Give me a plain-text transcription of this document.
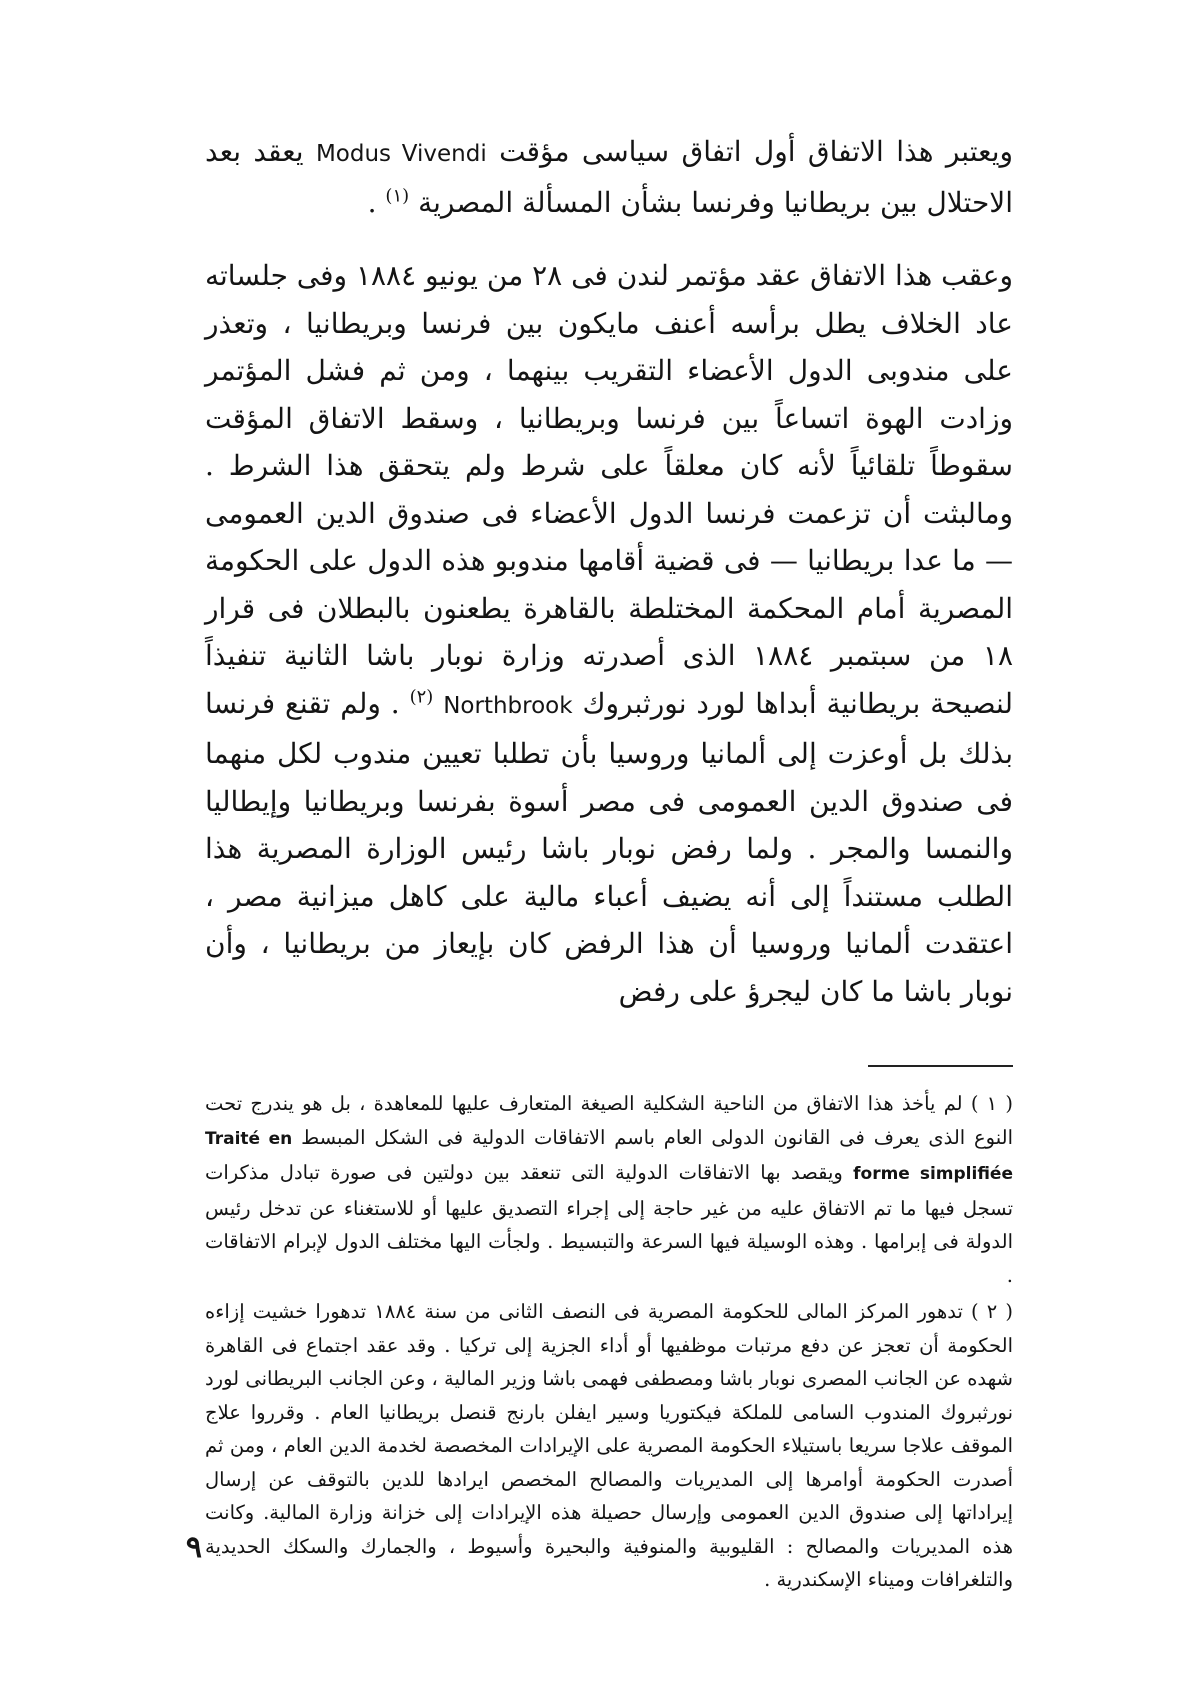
ويعتبر هذا الاتفاق أول اتفاق سياسى مؤقت Modus Vivendi يعقد بعد الاحتلال بين بريطانيا وفرنسا بشأن المسألة المصرية $^{(١)}$ .

وعقب هذا الاتفاق عقد مؤتمر لندن فى ٢٨ من يونيو ١٨٨٤ وفى جلساته عاد الخلاف يطل برأسه أعنف مايكون بين فرنسا وبريطانيا ، وتعذر على مندوبى الدول الأعضاء التقريب بينهما ، ومن ثم فشل المؤتمر وزادت الهوة اتساعاً بين فرنسا وبريطانيا ، وسقط الاتفاق المؤقت سقوطاً تلقائياً لأنه كان معلقاً على شرط ولم يتحقق هذا الشرط . ومالبثت أن تزعمت فرنسا الدول الأعضاء فى صندوق الدين العمومى — ما عدا بريطانيا — فى قضية أقامها مندوبو هذه الدول على الحكومة المصرية أمام المحكمة المختلطة بالقاهرة يطعنون بالبطلان فى قرار ١٨ من سبتمبر ١٨٨٤ الذى أصدرته وزارة نوبار باشا الثانية تنفيذاً لنصيحة بريطانية أبداها لورد نورثبروك Northbrook $^{(٢)}$ . ولم تقنع فرنسا بذلك بل أوعزت إلى ألمانيا وروسيا بأن تطلبا تعيين مندوب لكل منهما فى صندوق الدين العمومى فى مصر أسوة بفرنسا وبريطانيا وإيطاليا والنمسا والمجر . ولما رفض نوبار باشا رئيس الوزارة المصرية هذا الطلب مستنداً إلى أنه يضيف أعباء مالية على كاهل ميزانية مصر ، اعتقدت ألمانيا وروسيا أن هذا الرفض كان بإيعاز من بريطانيا ، وأن نوبار باشا ما كان ليجرؤ على رفض

( ١ ) لم يأخذ هذا الاتفاق من الناحية الشكلية الصيغة المتعارف عليها للمعاهدة ، بل هو يندرج تحت النوع الذى يعرف فى القانون الدولى العام باسم الاتفاقات الدولية فى الشكل المبسط Traité en forme simplifiée ويقصد بها الاتفاقات الدولية التى تنعقد بين دولتين فى صورة تبادل مذكرات تسجل فيها ما تم الاتفاق عليه من غير حاجة إلى إجراء التصديق عليها أو للاستغناء عن تدخل رئيس الدولة فى إبرامها . وهذه الوسيلة فيها السرعة والتبسيط . ولجأت اليها مختلف الدول لإبرام الاتفاقات .

( ٢ ) تدهور المركز المالى للحكومة المصرية فى النصف الثانى من سنة ١٨٨٤ تدهورا خشيت إزاءه الحكومة أن تعجز عن دفع مرتبات موظفيها أو أداء الجزية إلى تركيا . وقد عقد اجتماع فى القاهرة شهده عن الجانب المصرى نوبار باشا ومصطفى فهمى باشا وزير المالية ، وعن الجانب البريطانى لورد نورثبروك المندوب السامى للملكة فيكتوريا وسير ايفلن بارنج قنصل بريطانيا العام . وقرروا علاج الموقف علاجا سريعا باستيلاء الحكومة المصرية على الإيرادات المخصصة لخدمة الدين العام ، ومن ثم أصدرت الحكومة أوامرها إلى المديريات والمصالح المخصص ايرادها للدين بالتوقف عن إرسال إيراداتها إلى صندوق الدين العمومى وإرسال حصيلة هذه الإيرادات إلى خزانة وزارة المالية. وكانت هذه المديريات والمصالح : القليوبية والمنوفية والبحيرة وأسيوط ، والجمارك والسكك الحديدية والتلغرافات وميناء الإسكندرية .

٩
